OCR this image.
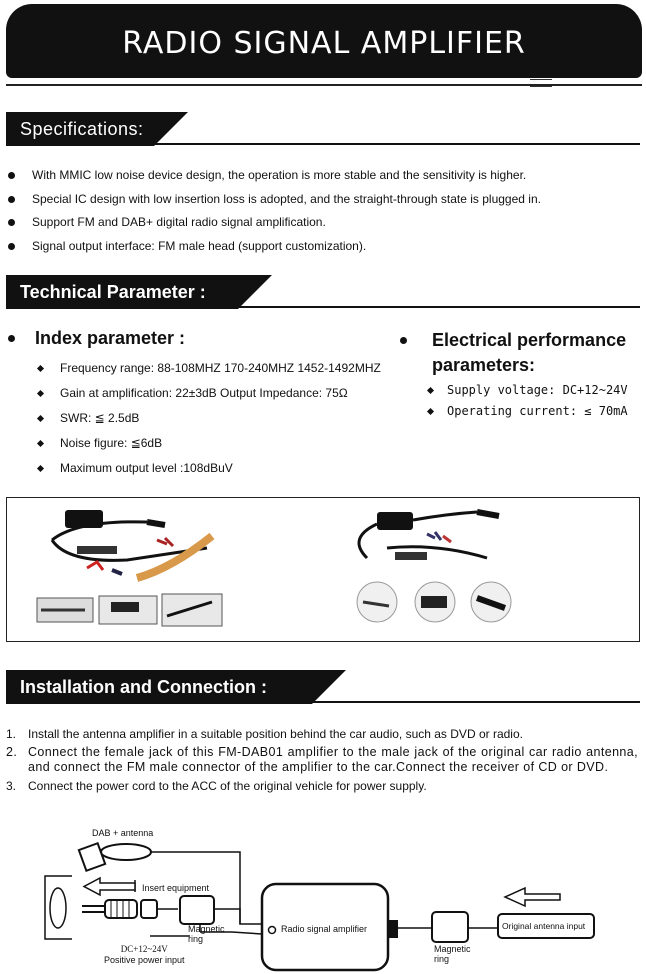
RADIO SIGNAL AMPLIFIER
Specifications:
With MMIC low noise device design, the operation is more stable and the sensitivity is higher.
Special IC design with low insertion loss is adopted, and the straight-through state is plugged in.
Support FM and DAB+ digital radio signal amplification.
Signal output interface: FM male head (support customization).
Technical Parameter :
Index parameter :
Frequency range: 88-108MHZ 170-240MHZ 1452-1492MHZ
Gain at amplification: 22±3dB Output Impedance: 75Ω
SWR: ≦ 2.5dB
Noise figure: ≦6dB
Maximum output level :108dBuV
Electrical performance
parameters:
Supply voltage: DC+12~24V
Operating current: ≤ 70mA
Installation and Connection :
1. Install the antenna amplifier in a suitable position behind the car audio, such as DVD or radio.
2. Connect the female jack of this FM-DAB01 amplifier to the male jack of the original car radio antenna, and connect the FM male connector of the amplifier to the car.Connect the receiver of CD or DVD.
3. Connect the power cord to the ACC of the original vehicle for power supply.
DAB + antenna
Insert equipment
Magnetic
ring
DC+12~24V
Positive power input
Radio signal amplifier
Magnetic
ring
Original antenna input
